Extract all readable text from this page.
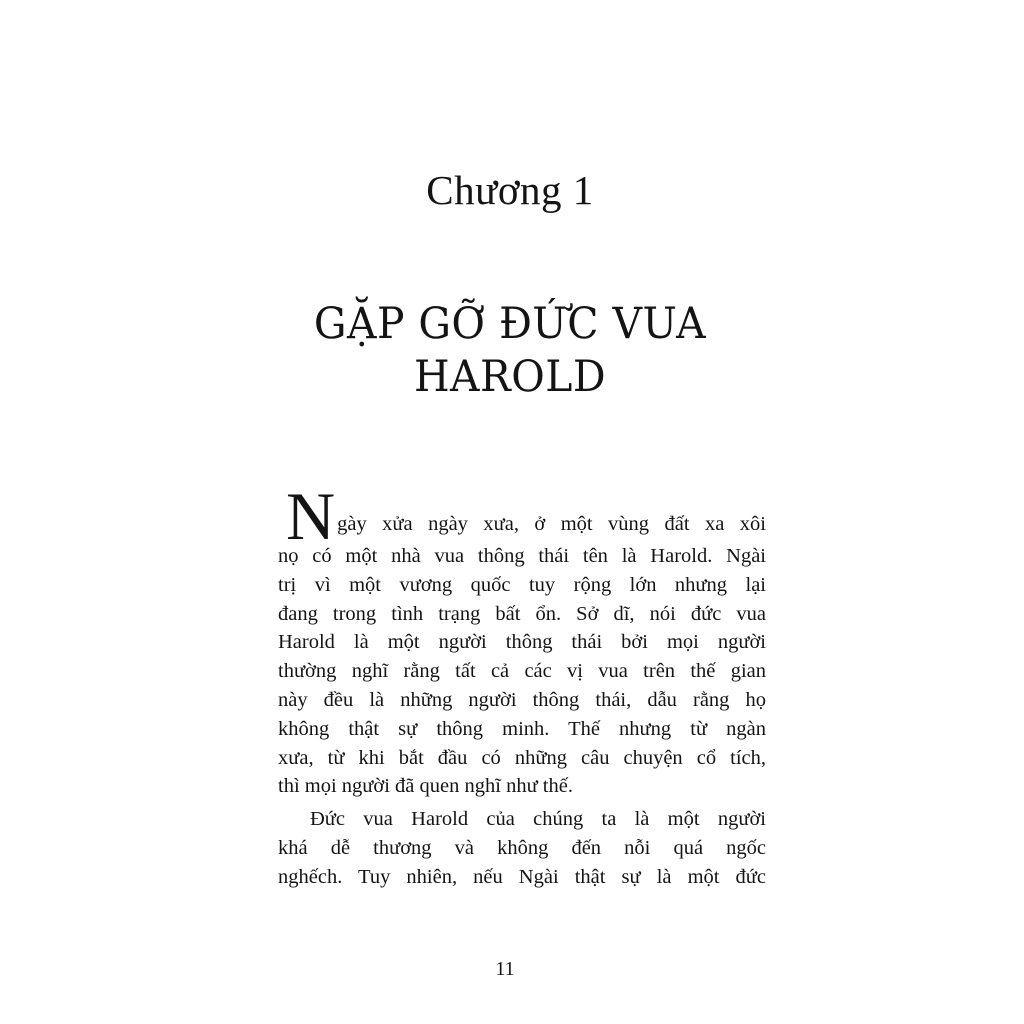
Chương 1
GẶP GỠ ĐỨC VUA
HAROLD
N gày xửa ngày xưa, ở một vùng đất xa xôi
nọ có một nhà vua thông thái tên là Harold. Ngài
trị vì một vương quốc tuy rộng lớn nhưng lại
đang trong tình trạng bất ổn. Sở dĩ, nói đức vua
Harold là một người thông thái bởi mọi người
thường nghĩ rằng tất cả các vị vua trên thế gian
này đều là những người thông thái, dẫu rằng họ
không thật sự thông minh. Thế nhưng từ ngàn
xưa, từ khi bắt đầu có những câu chuyện cổ tích,
thì mọi người đã quen nghĩ như thế.
Đức vua Harold của chúng ta là một người
khá dễ thương và không đến nỗi quá ngốc
nghếch. Tuy nhiên, nếu Ngài thật sự là một đức
11
